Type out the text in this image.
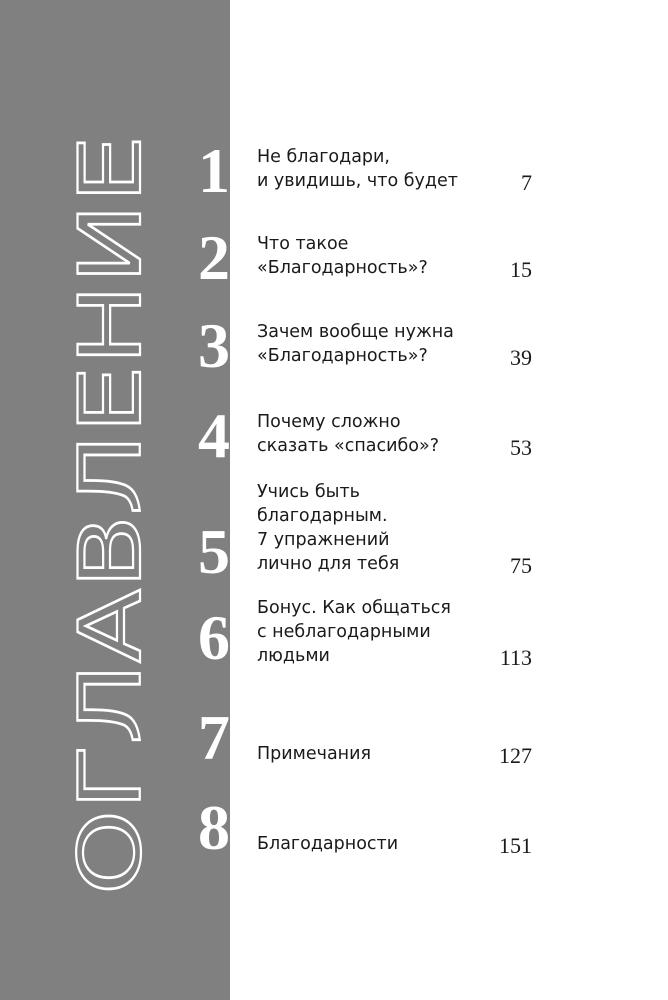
ОГЛАВЛЕНИЕ
1 Не благодари,
и увидишь, что будет	7
2 Что такое
«Благодарность»?	15
3 Зачем вообще нужна
«Благодарность»?	39
4 Почему сложно
сказать «спасибо»?	53
5
Учись быть
благодарным.
7 упражнений
лично для тебя	75
6 Бонус. Как общаться
с неблагодарными
людьми	113
7 Примечания	127
8 Благодарности	151
